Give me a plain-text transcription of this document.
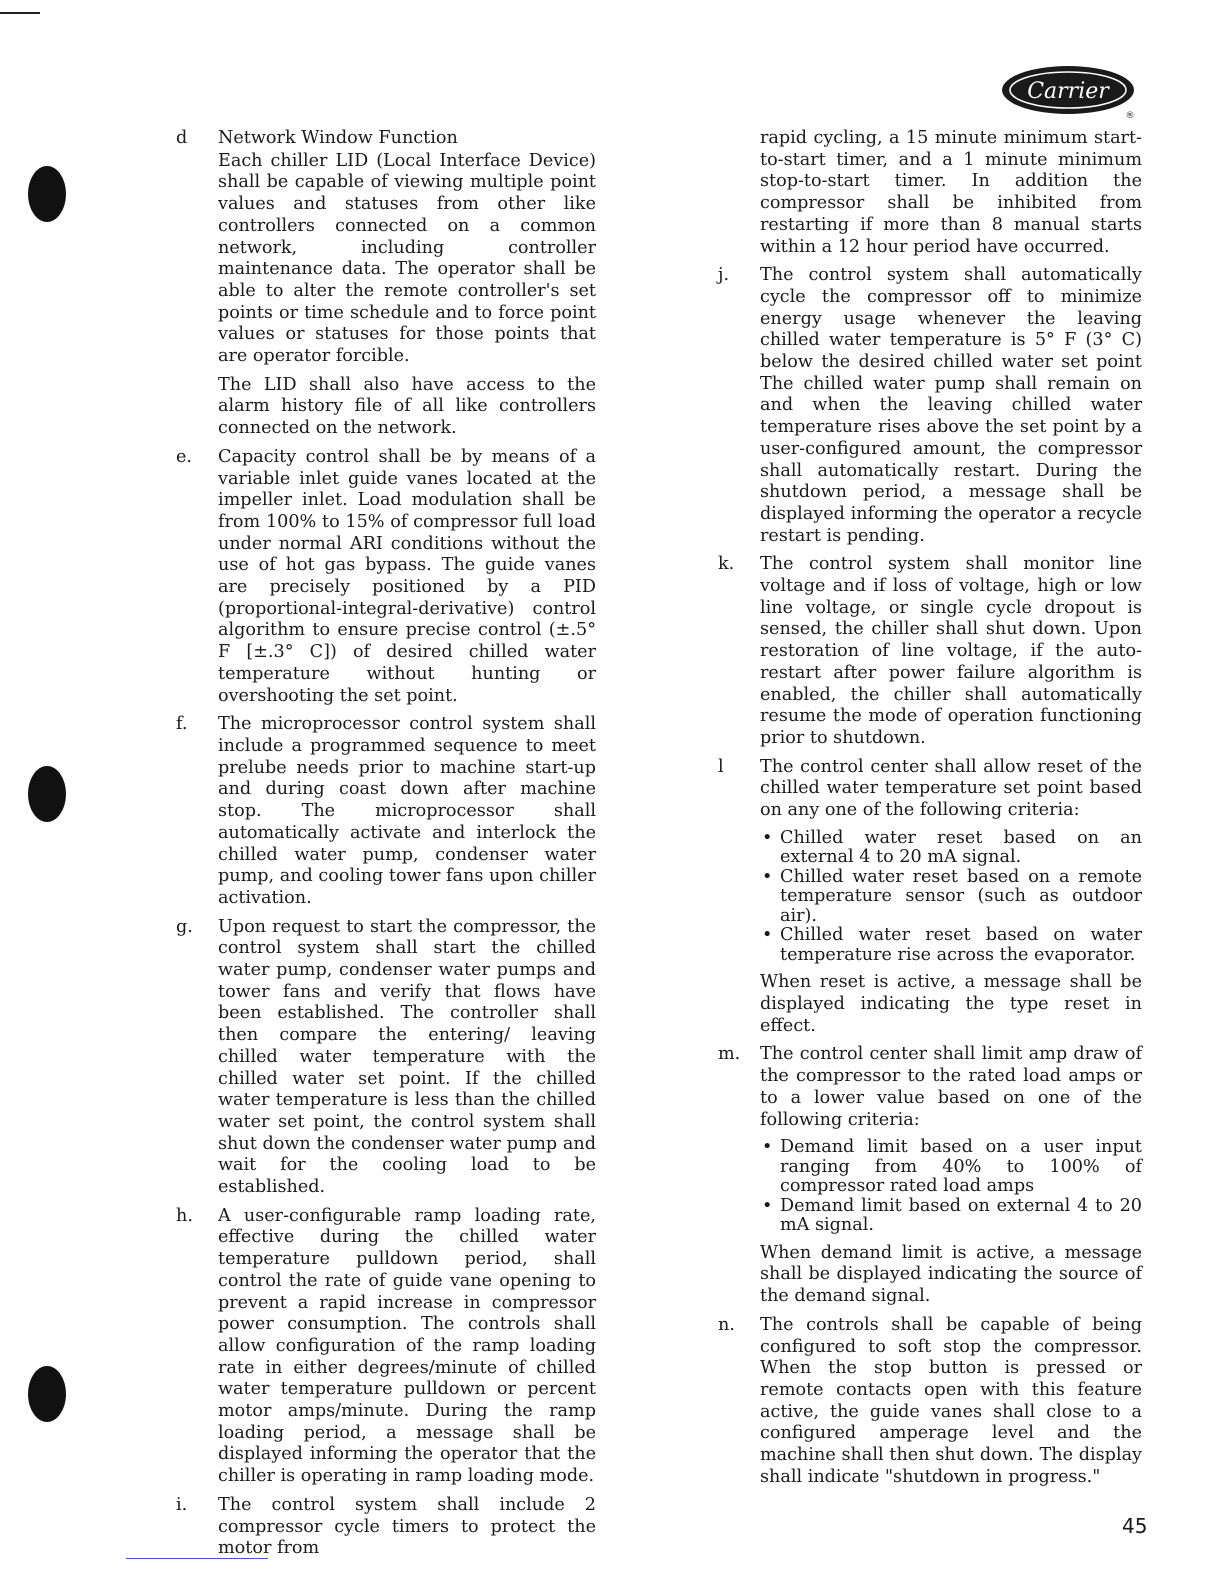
Carrier
®
d	Network Window Function

Each chiller LID (Local Interface Device) shall be capable of viewing multiple point values and statuses from other like controllers connected on a common network, including controller maintenance data. The operator shall be able to alter the remote controller's set points or time schedule and to force point values or statuses for those points that are operator forcible.

The LID shall also have access to the alarm history file of all like controllers connected on the network.

e.	Capacity control shall be by means of a variable inlet guide vanes located at the impeller inlet. Load modulation shall be from 100% to 15% of compressor full load under normal ARI conditions without the use of hot gas bypass. The guide vanes are precisely positioned by a PID (proportional-integral-derivative) control algorithm to ensure precise control (±.5° F [±.3° C]) of desired chilled water temperature without hunting or overshooting the set point.

f.	The microprocessor control system shall include a programmed sequence to meet prelube needs prior to machine start-up and during coast down after machine stop. The microprocessor shall automatically activate and interlock the chilled water pump, condenser water pump, and cooling tower fans upon chiller activation.

g.	Upon request to start the compressor, the control system shall start the chilled water pump, condenser water pumps and tower fans and verify that flows have been established. The controller shall then compare the entering/ leaving chilled water temperature with the chilled water set point. If the chilled water temperature is less than the chilled water set point, the control system shall shut down the condenser water pump and wait for the cooling load to be established.

h.	A user-configurable ramp loading rate, effective during the chilled water temperature pulldown period, shall control the rate of guide vane opening to prevent a rapid increase in compressor power consumption. The controls shall allow configuration of the ramp loading rate in either degrees/minute of chilled water temperature pulldown or percent motor amps/minute. During the ramp loading period, a message shall be displayed informing the operator that the chiller is operating in ramp loading mode.

i.	The control system shall include 2 compressor cycle timers to protect the motor from

rapid cycling, a 15 minute minimum start-to-start timer, and a 1 minute minimum stop-to-start timer. In addition the compressor shall be inhibited from restarting if more than 8 manual starts within a 12 hour period have occurred.

j.	The control system shall automatically cycle the compressor off to minimize energy usage whenever the leaving chilled water temperature is 5° F (3° C) below the desired chilled water set point The chilled water pump shall remain on and when the leaving chilled water temperature rises above the set point by a user-configured amount, the compressor shall automatically restart. During the shutdown period, a message shall be displayed informing the operator a recycle restart is pending.

k.	The control system shall monitor line voltage and if loss of voltage, high or low line voltage, or single cycle dropout is sensed, the chiller shall shut down. Upon restoration of line voltage, if the auto-restart after power failure algorithm is enabled, the chiller shall automatically resume the mode of operation functioning prior to shutdown.

l	The control center shall allow reset of the chilled water temperature set point based on any one of the following criteria:

• Chilled water reset based on an external 4 to 20 mA signal.
• Chilled water reset based on a remote temperature sensor (such as outdoor air).
• Chilled water reset based on water temperature rise across the evaporator.

When reset is active, a message shall be displayed indicating the type reset in effect.

m.	The control center shall limit amp draw of the compressor to the rated load amps or to a lower value based on one of the following criteria:

• Demand limit based on a user input ranging from 40% to 100% of compressor rated load amps
• Demand limit based on external 4 to 20 mA signal.

When demand limit is active, a message shall be displayed indicating the source of the demand signal.

n.	The controls shall be capable of being configured to soft stop the compressor. When the stop button is pressed or remote contacts open with this feature active, the guide vanes shall close to a configured amperage level and the machine shall then shut down. The display shall indicate "shutdown in progress."

45
